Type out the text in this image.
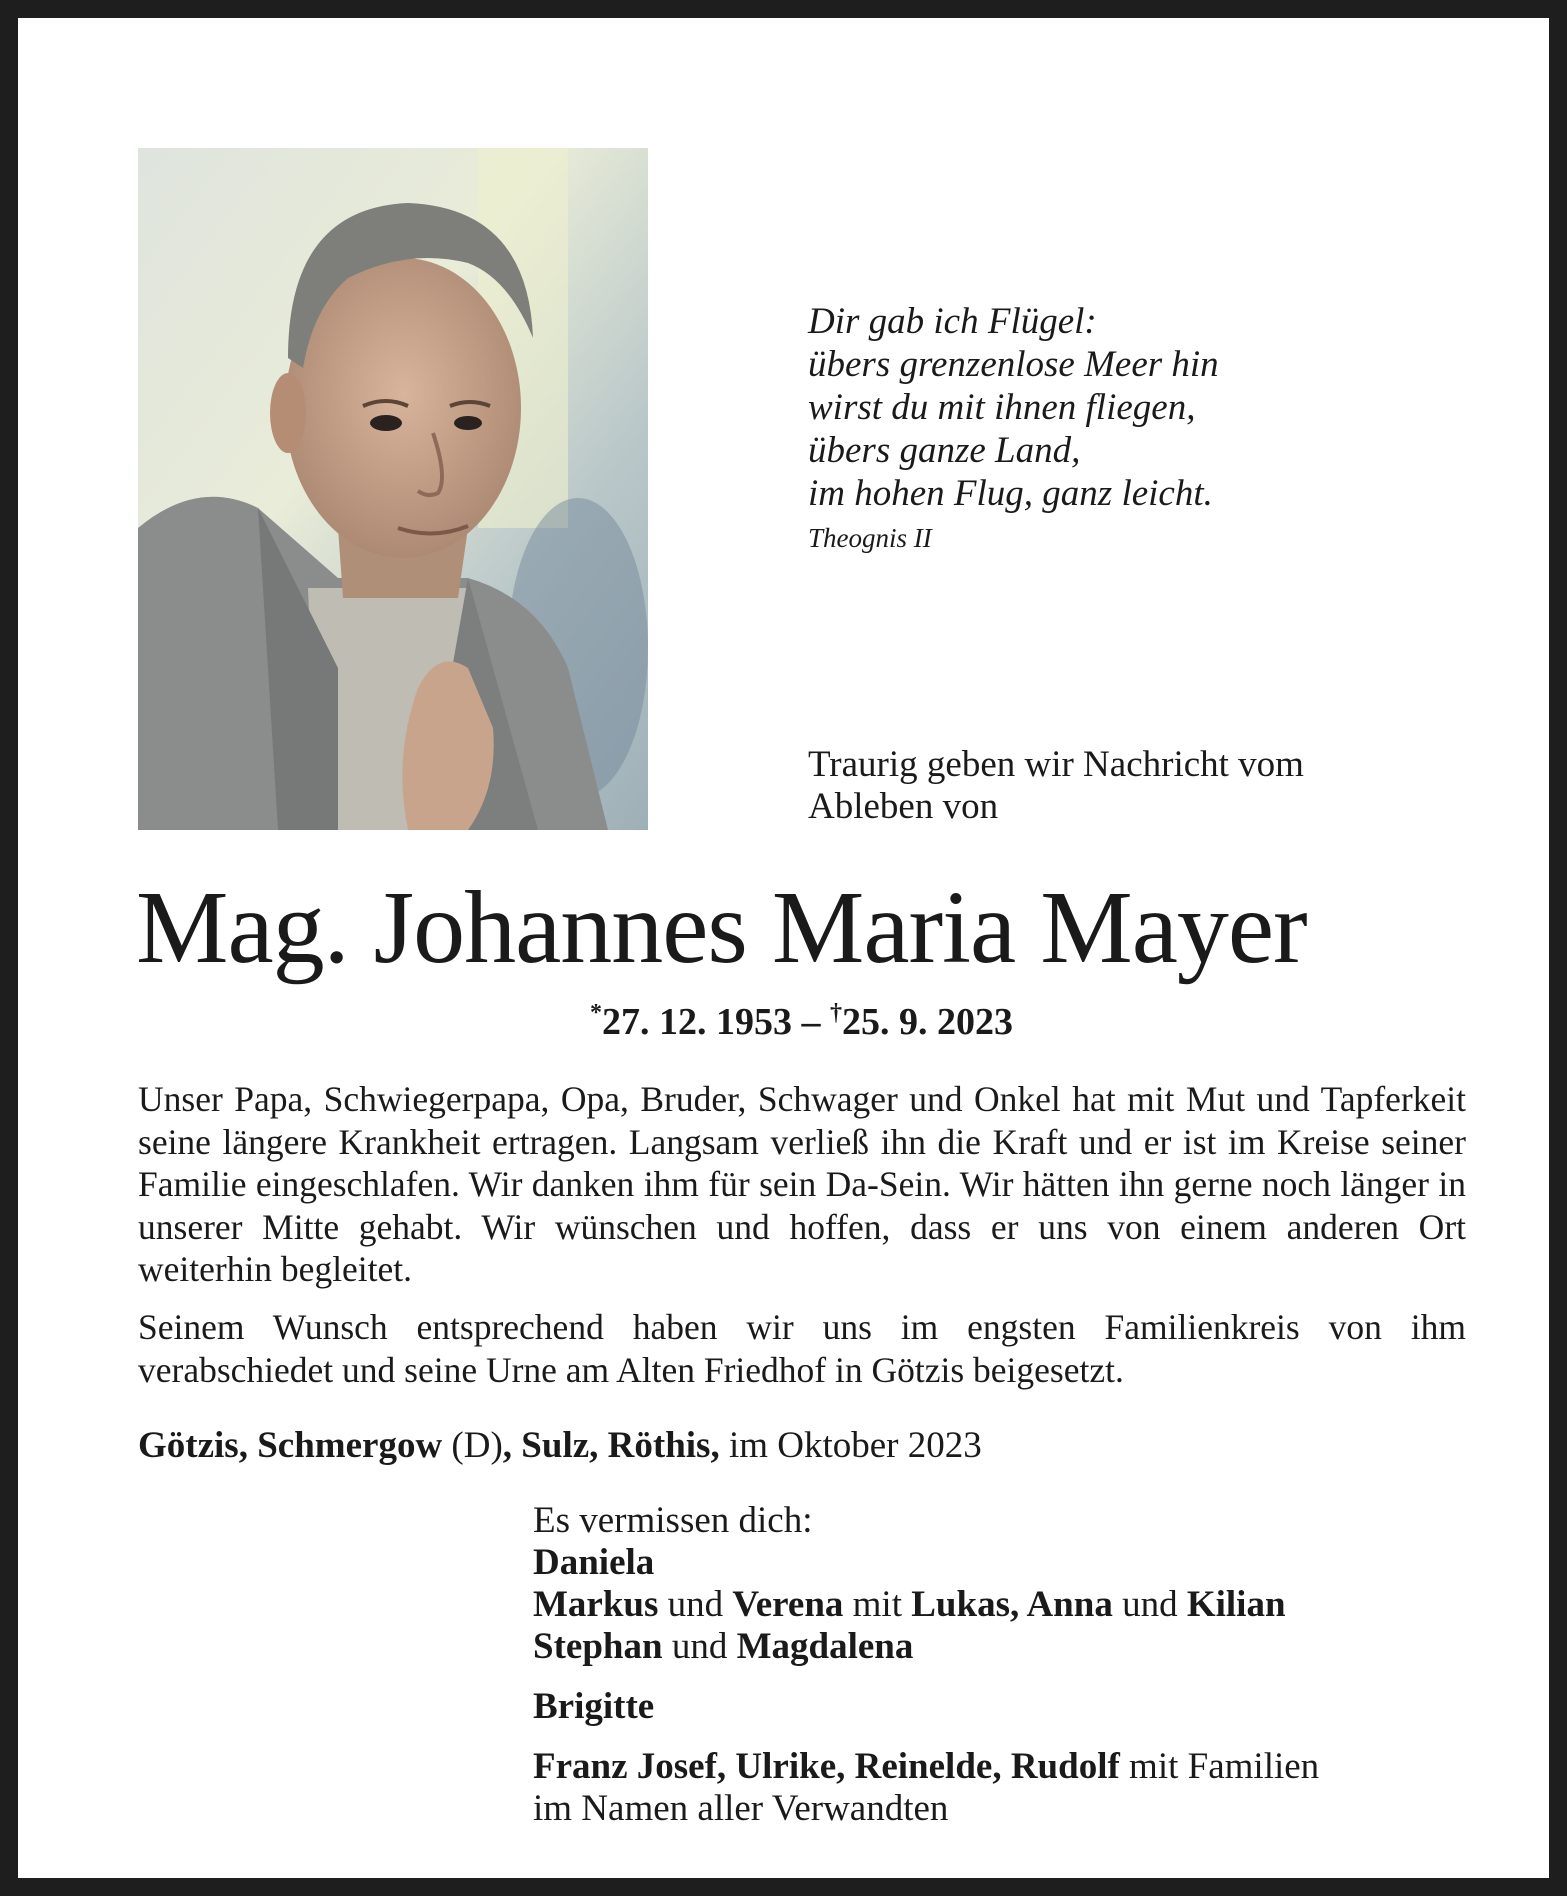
Dir gab ich Flügel:
übers grenzenlose Meer hin
wirst du mit ihnen fliegen,
übers ganze Land,
im hohen Flug, ganz leicht.
Theognis II
Traurig geben wir Nachricht vom
Ableben von
Mag. Johannes Maria Mayer
*27. 12. 1953 – †25. 9. 2023
Unser Papa, Schwiegerpapa, Opa, Bruder, Schwager und Onkel hat mit Mut und Tapferkeit seine längere Krankheit ertragen. Langsam verließ ihn die Kraft und er ist im Kreise seiner Familie eingeschlafen. Wir danken ihm für sein Da-Sein. Wir hätten ihn gerne noch länger in unserer Mitte gehabt. Wir wünschen und hoffen, dass er uns von einem anderen Ort weiterhin begleitet.
Seinem Wunsch entsprechend haben wir uns im engsten Familienkreis von ihm verabschiedet und seine Urne am Alten Friedhof in Götzis beigesetzt.
Götzis, Schmergow (D), Sulz, Röthis, im Oktober 2023
Es vermissen dich:
Daniela
Markus und Verena mit Lukas, Anna und Kilian
Stephan und Magdalena
Brigitte
Franz Josef, Ulrike, Reinelde, Rudolf mit Familien
im Namen aller Verwandten
